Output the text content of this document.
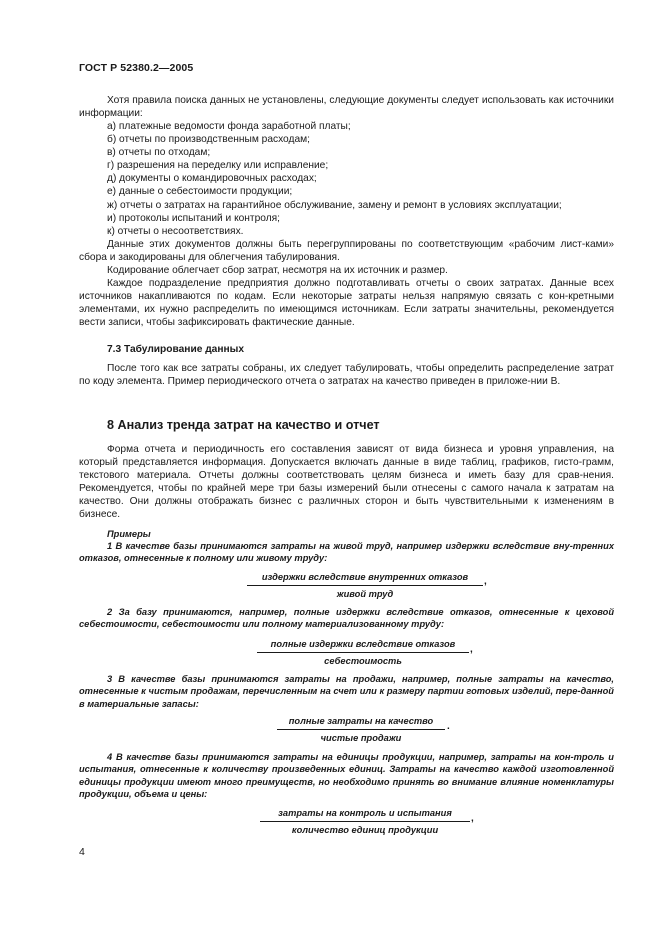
ГОСТ Р 52380.2—2005
Хотя правила поиска данных не установлены, следующие документы следует использовать как источники информации:
а) платежные ведомости фонда заработной платы;
б) отчеты по производственным расходам;
в) отчеты по отходам;
г) разрешения на переделку или исправление;
д) документы о командировочных расходах;
е) данные о себестоимости продукции;
ж) отчеты о затратах на гарантийное обслуживание, замену и ремонт в условиях эксплуатации;
и) протоколы испытаний и контроля;
к) отчеты о несоответствиях.
Данные этих документов должны быть перегруппированы по соответствующим «рабочим лист-ками» сбора и закодированы для облегчения табулирования.
Кодирование облегчает сбор затрат, несмотря на их источник и размер.
Каждое подразделение предприятия должно подготавливать отчеты о своих затратах. Данные всех источников накапливаются по кодам. Если некоторые затраты нельзя напрямую связать с кон-кретными элементами, их нужно распределить по имеющимся источникам. Если затраты значительны, рекомендуется вести записи, чтобы зафиксировать фактические данные.
7.3 Табулирование данных
После того как все затраты собраны, их следует табулировать, чтобы определить распределение затрат по коду элемента. Пример периодического отчета о затратах на качество приведен в приложе-нии В.
8 Анализ тренда затрат на качество и отчет
Форма отчета и периодичность его составления зависят от вида бизнеса и уровня управления, на который представляется информация. Допускается включать данные в виде таблиц, графиков, гисто-грамм, текстового материала. Отчеты должны соответствовать целям бизнеса и иметь базу для срав-нения. Рекомендуется, чтобы по крайней мере три базы измерений были отнесены с самого начала к затратам на качество. Они должны отображать бизнес с различных сторон и быть чувствительными к изменениям в бизнесе.
Примеры
1 В качестве базы принимаются затраты на живой труд, например издержки вследствие вну-тренних отказов, отнесенные к полному или живому труду:
издержки вследствие внутренних отказов
живой труд
,
2 За базу принимаются, например, полные издержки вследствие отказов, отнесенные к цеховой себестоимости, себестоимости или полному материализованному труду:
полные издержки вследствие отказов
себестоимость
,
3 В качестве базы принимаются затраты на продажи, например, полные затраты на качество, отнесенные к чистым продажам, перечисленным на счет или к размеру партии готовых изделий, пере-данной в материальные запасы:
полные затраты на качество
чистые продажи
.
4 В качестве базы принимаются затраты на единицы продукции, например, затраты на кон-троль и испытания, отнесенные к количеству произведенных единиц. Затраты на качество каждой изготовленной единицы продукции имеют много преимуществ, но необходимо принять во внимание влияние номенклатуры продукции, объема и цены:
затраты на контроль и испытания
количество единиц продукции
,
4
